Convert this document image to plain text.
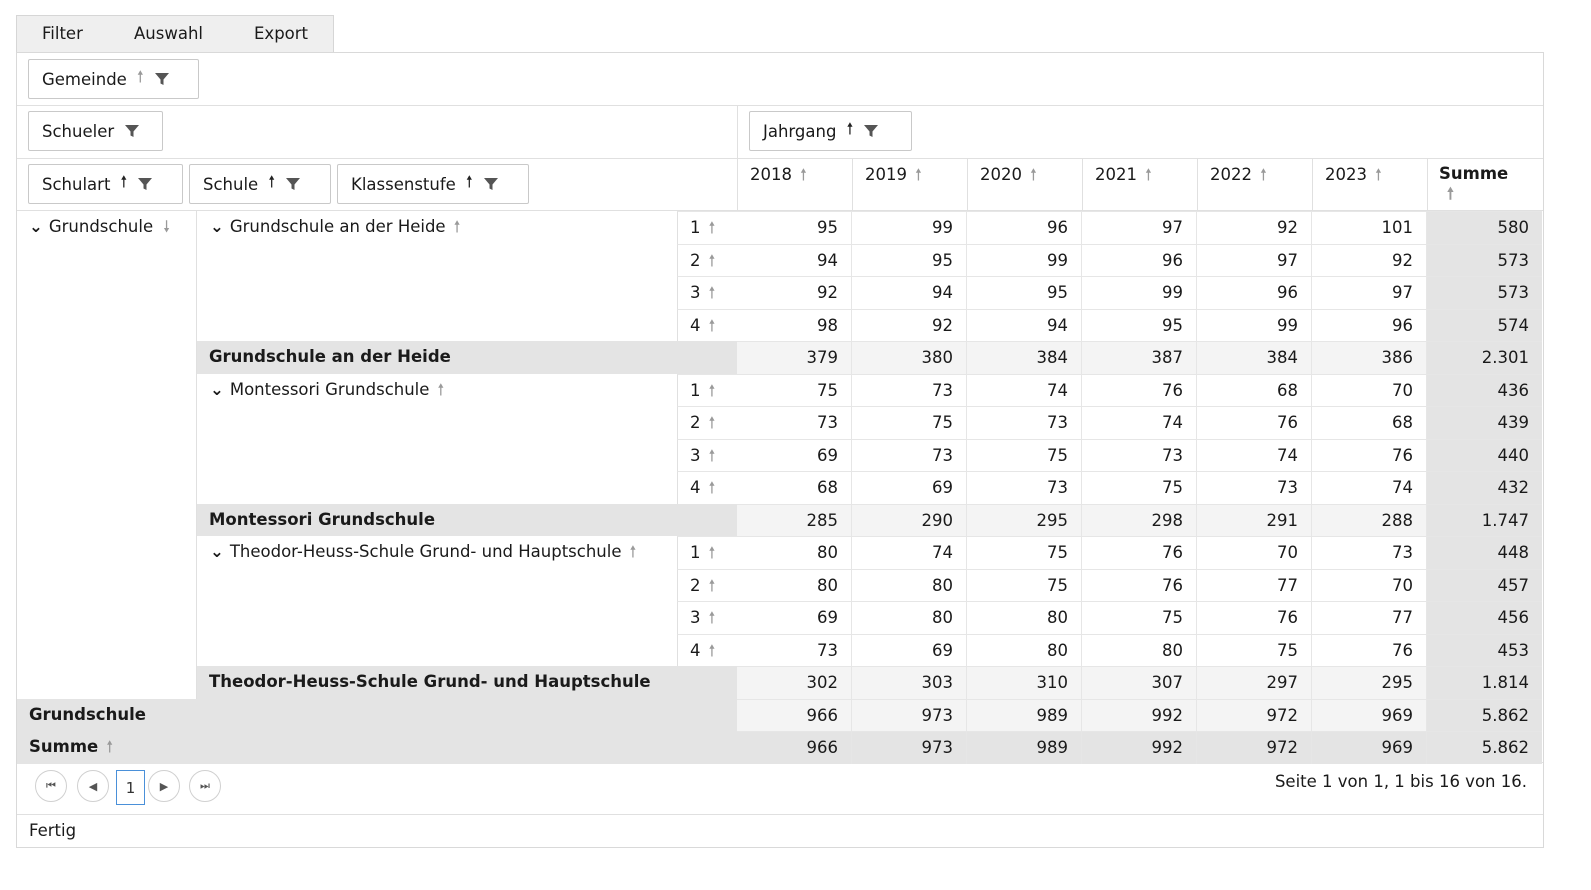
Filter	Auswahl	Export
Gemeinde 🠕
Schueler	Jahrgang 🠕
Schulart 🠕	Schule 🠕	Klassenstufe 🠕	2018 🠕	2019 🠕	2020 🠕	2021 🠕	2022 🠕	2023 🠕	Summe
🠕
⌄ Grundschule 🠗	⌄ Grundschule an der Heide 🠕	1 🠕	95	99	96	97	92	101	580
2 🠕	94	95	99	96	97	92	573
3 🠕	92	94	95	99	96	97	573
4 🠕	98	92	94	95	99	96	574
Grundschule an der Heide	379	380	384	387	384	386	2.301
⌄ Montessori Grundschule 🠕	1 🠕	75	73	74	76	68	70	436
2 🠕	73	75	73	74	76	68	439
3 🠕	69	73	75	73	74	76	440
4 🠕	68	69	73	75	73	74	432
Montessori Grundschule	285	290	295	298	291	288	1.747
⌄ Theodor-Heuss-Schule Grund- und Hauptschule 🠕	1 🠕	80	74	75	76	70	73	448
2 🠕	80	80	75	76	77	70	457
3 🠕	69	80	80	75	76	77	456
4 🠕	73	69	80	80	75	76	453
Theodor-Heuss-Schule Grund- und Hauptschule	302	303	310	307	297	295	1.814
Grundschule	966	973	989	992	972	969	5.862
Summe 🠕	966	973	989	992	972	969	5.862
⏮	◀	1	▶	⏭	Seite 1 von 1, 1 bis 16 von 16.
Fertig
